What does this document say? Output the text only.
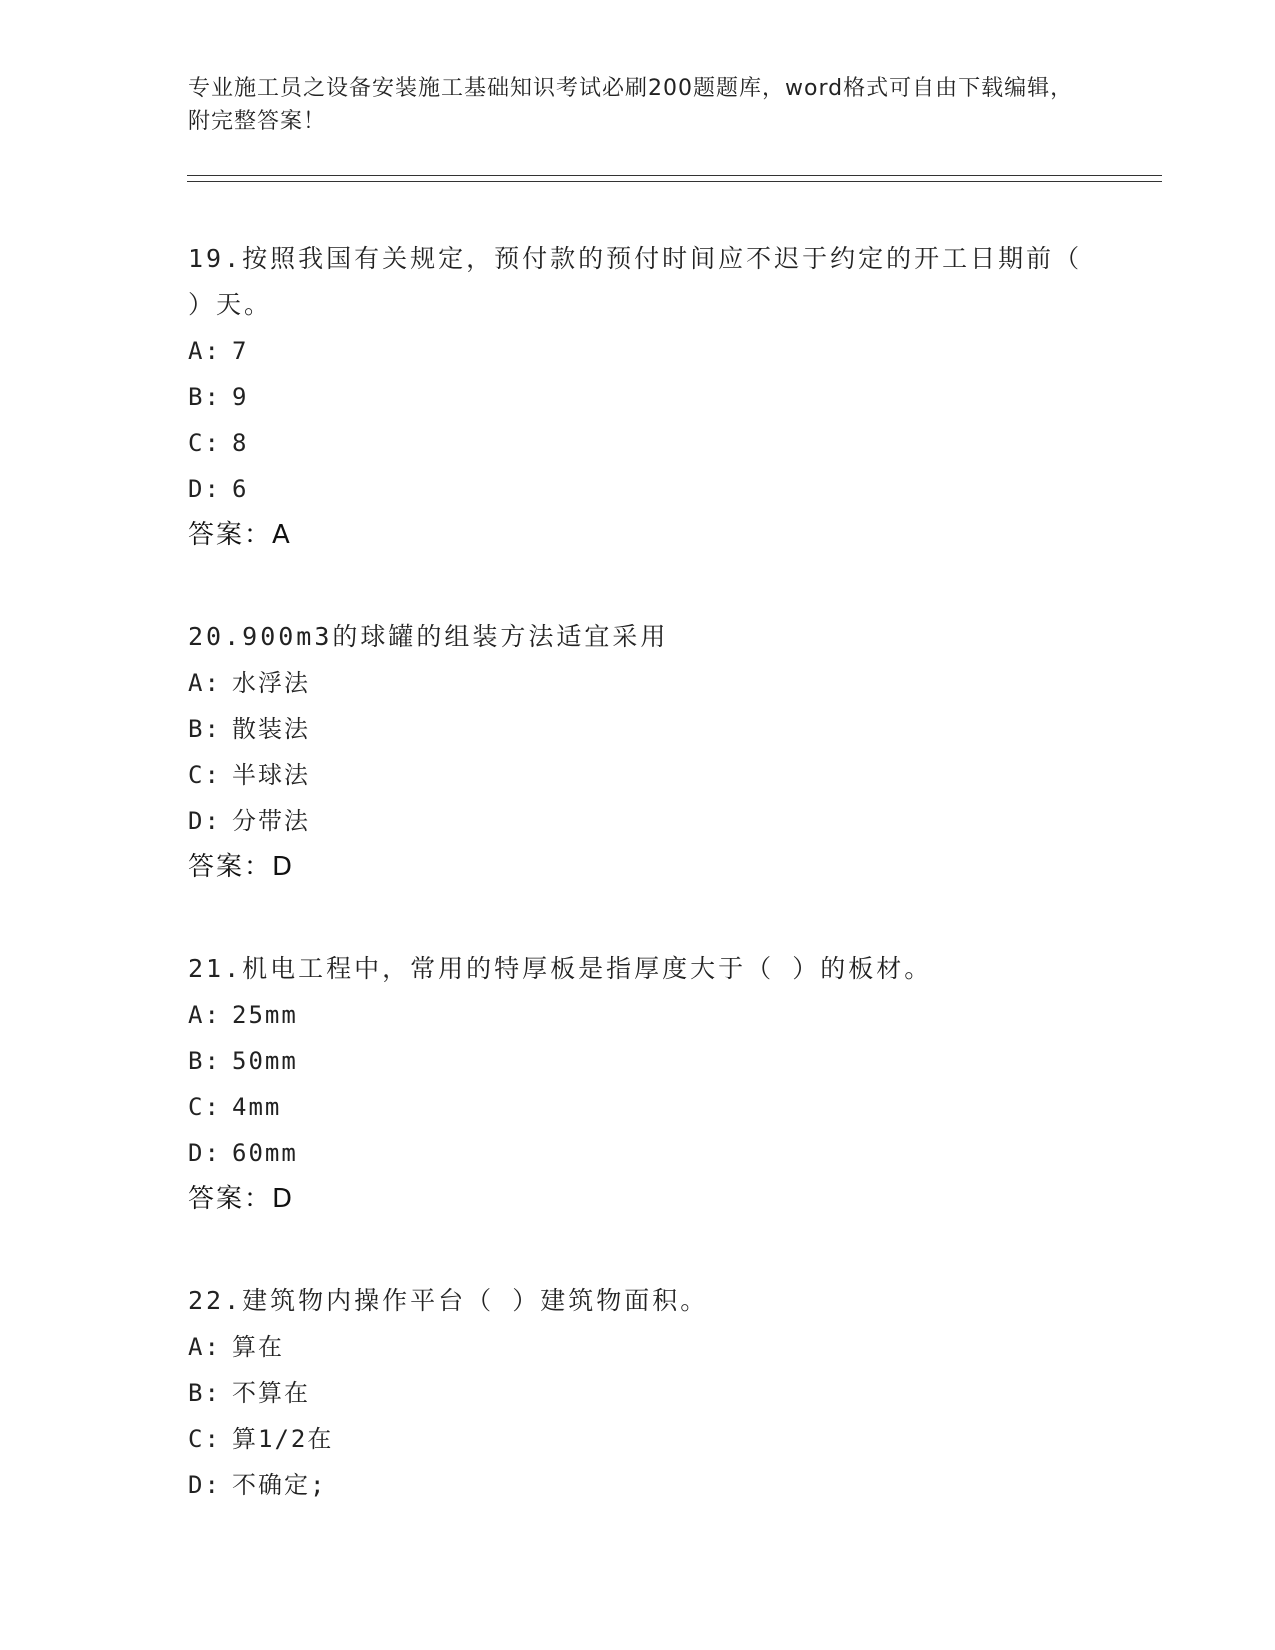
专业施工员之设备安装施工基础知识考试必刷200题题库，word格式可自由下载编辑，附完整答案！
19.按照我国有关规定，预付款的预付时间应不迟于约定的开工日期前（ ）天。
A: 7
B: 9
C: 8
D: 6
答案：A
20.900m3的球罐的组装方法适宜采用
A: 水浮法
B: 散装法
C: 半球法
D: 分带法
答案：D
21.机电工程中，常用的特厚板是指厚度大于（ ）的板材。
A: 25mm
B: 50mm
C: 4mm
D: 60mm
答案：D
22.建筑物内操作平台（ ）建筑物面积。
A: 算在
B: 不算在
C: 算1/2在
D: 不确定;
